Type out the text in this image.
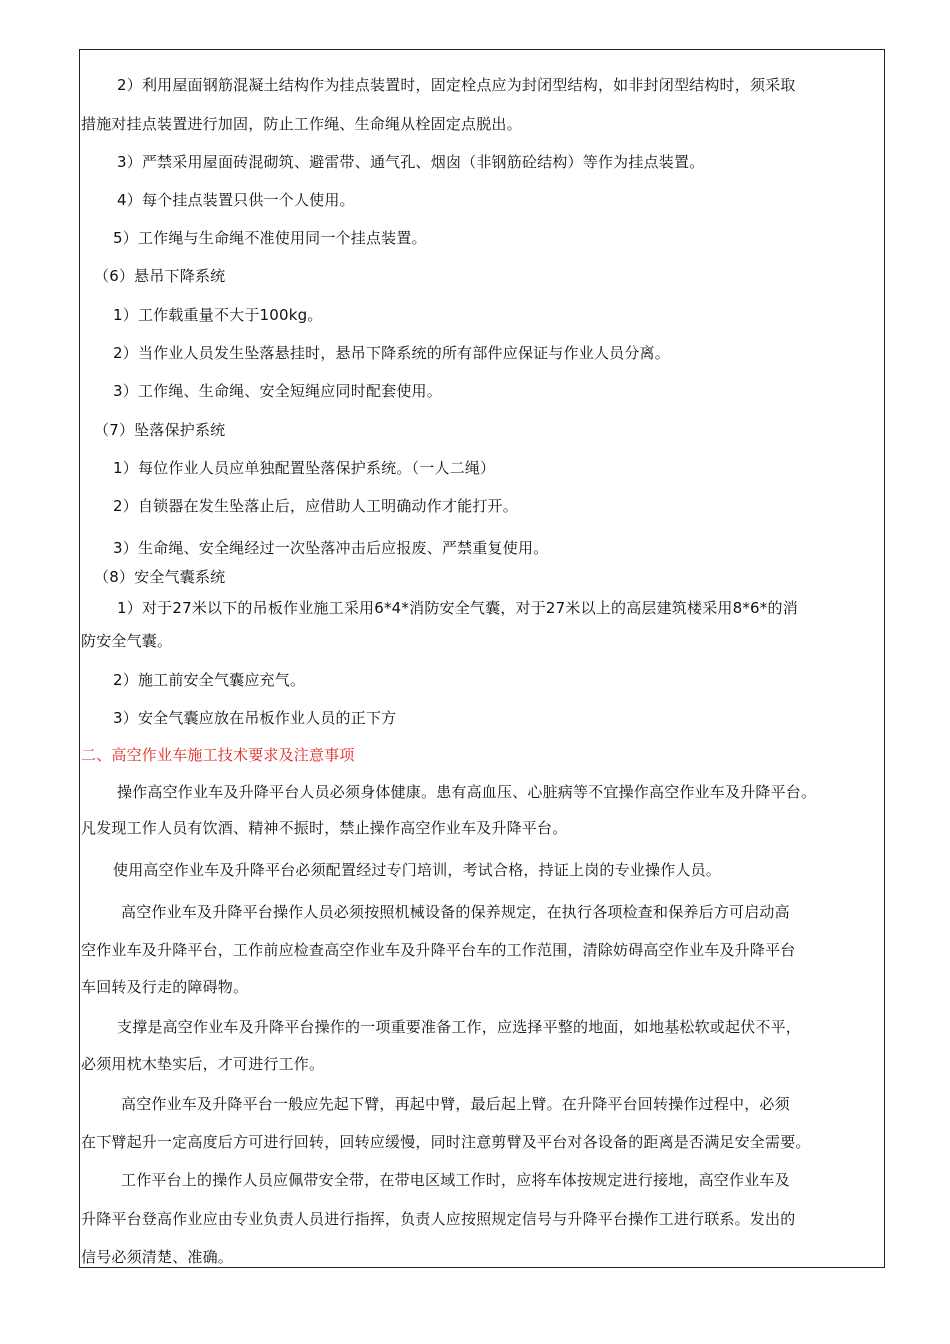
2）利用屋面钢筋混凝土结构作为挂点装置时，固定栓点应为封闭型结构，如非封闭型结构时，须采取
措施对挂点装置进行加固，防止工作绳、生命绳从栓固定点脱出。
3）严禁采用屋面砖混砌筑、避雷带、通气孔、烟囱（非钢筋砼结构）等作为挂点装置。
4）每个挂点装置只供一个人使用。
5）工作绳与生命绳不准使用同一个挂点装置。
（6）悬吊下降系统
1）工作载重量不大于100kg。
2）当作业人员发生坠落悬挂时，悬吊下降系统的所有部件应保证与作业人员分离。
3）工作绳、生命绳、安全短绳应同时配套使用。
（7）坠落保护系统
1）每位作业人员应单独配置坠落保护系统。（一人二绳）
2）自锁器在发生坠落止后，应借助人工明确动作才能打开。
3）生命绳、安全绳经过一次坠落冲击后应报废、严禁重复使用。
（8）安全气囊系统
1）对于27米以下的吊板作业施工采用6*4*消防安全气囊，对于27米以上的高层建筑楼采用8*6*的消
防安全气囊。
2）施工前安全气囊应充气。
3）安全气囊应放在吊板作业人员的正下方
二、高空作业车施工技术要求及注意事项
操作高空作业车及升降平台人员必须身体健康。患有高血压、心脏病等不宜操作高空作业车及升降平台。
凡发现工作人员有饮酒、精神不振时，禁止操作高空作业车及升降平台。
使用高空作业车及升降平台必须配置经过专门培训，考试合格，持证上岗的专业操作人员。
高空作业车及升降平台操作人员必须按照机械设备的保养规定，在执行各项检查和保养后方可启动高
空作业车及升降平台，工作前应检查高空作业车及升降平台车的工作范围，清除妨碍高空作业车及升降平台
车回转及行走的障碍物。
支撑是高空作业车及升降平台操作的一项重要准备工作，应选择平整的地面，如地基松软或起伏不平，
必须用枕木垫实后，才可进行工作。
高空作业车及升降平台一般应先起下臂，再起中臂，最后起上臂。在升降平台回转操作过程中，必须
在下臂起升一定高度后方可进行回转，回转应缓慢，同时注意剪臂及平台对各设备的距离是否满足安全需要。
工作平台上的操作人员应佩带安全带，在带电区域工作时，应将车体按规定进行接地，高空作业车及
升降平台登高作业应由专业负责人员进行指挥，负责人应按照规定信号与升降平台操作工进行联系。发出的
信号必须清楚、准确。
